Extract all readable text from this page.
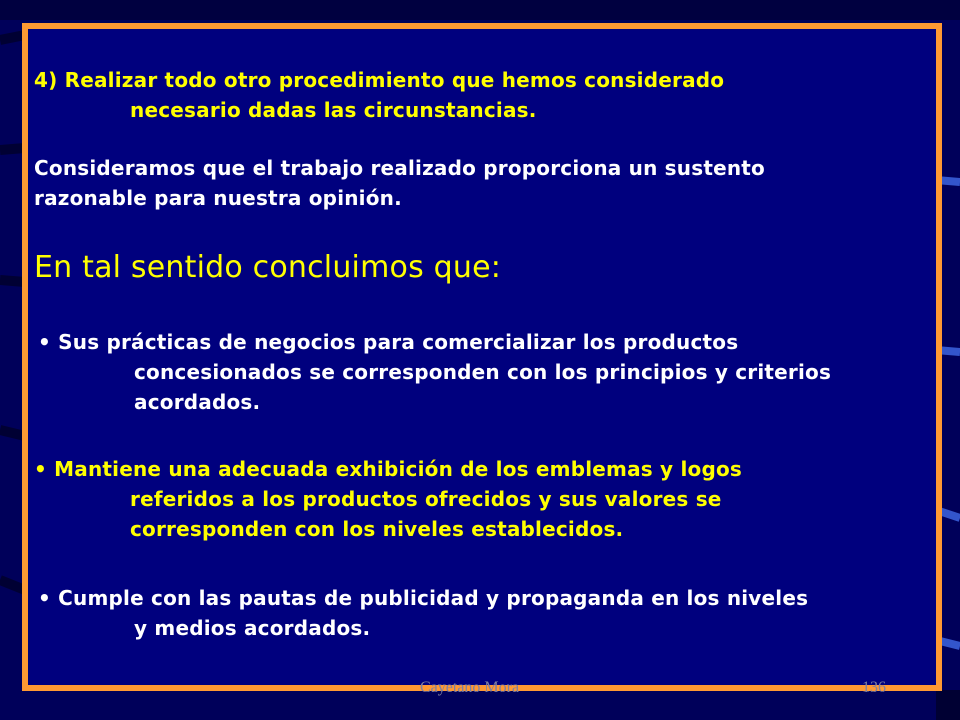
4) Realizar todo otro procedimiento que hemos considerado
necesario dadas las circunstancias.

Consideramos que el trabajo realizado proporciona un sustento
razonable para nuestra opinión.

En tal sentido concluimos que:

• Sus prácticas de negocios para comercializar los productos
concesionados se corresponden con los principios y criterios
acordados.

• Mantiene una adecuada exhibición de los emblemas y logos
referidos a los productos ofrecidos y sus valores se
corresponden con los niveles establecidos.

• Cumple con las pautas de publicidad y propaganda en los niveles
y medios acordados.

Cayetano Mora	136
